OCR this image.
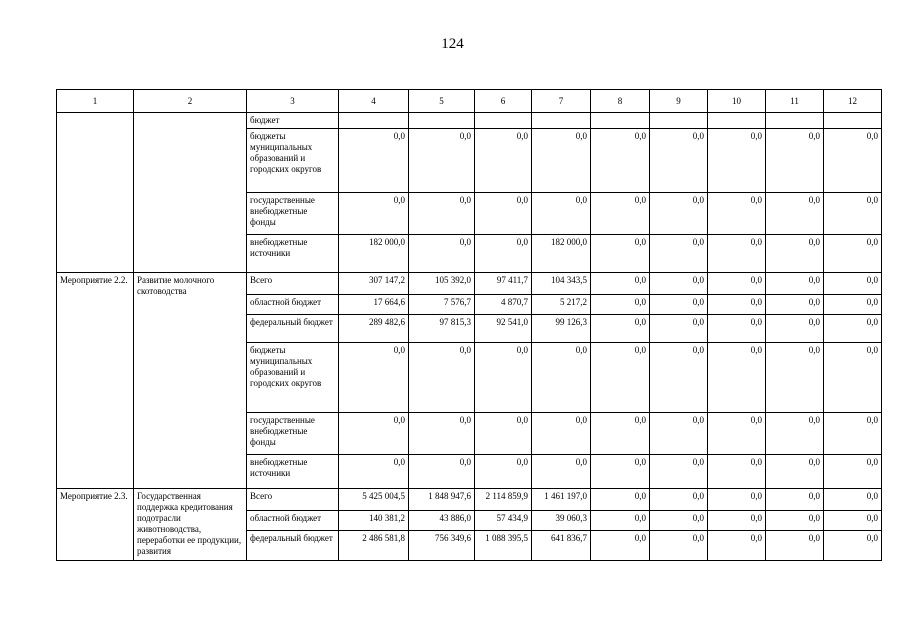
124
1	2	3	4	5	6	7	8	9	10	11	12
		бюджет									
		бюджеты муниципальных образований и городских округов	0,0	0,0	0,0	0,0	0,0	0,0	0,0	0,0	0,0
		государственные внебюджетные фонды	0,0	0,0	0,0	0,0	0,0	0,0	0,0	0,0	0,0
		внебюджетные источники	182 000,0	0,0	0,0	182 000,0	0,0	0,0	0,0	0,0	0,0
Мероприятие 2.2.	Развитие молочного скотоводства	Всего	307 147,2	105 392,0	97 411,7	104 343,5	0,0	0,0	0,0	0,0	0,0
		областной бюджет	17 664,6	7 576,7	4 870,7	5 217,2	0,0	0,0	0,0	0,0	0,0
		федеральный бюджет	289 482,6	97 815,3	92 541,0	99 126,3	0,0	0,0	0,0	0,0	0,0
		бюджеты муниципальных образований и городских округов	0,0	0,0	0,0	0,0	0,0	0,0	0,0	0,0	0,0
		государственные внебюджетные фонды	0,0	0,0	0,0	0,0	0,0	0,0	0,0	0,0	0,0
		внебюджетные источники	0,0	0,0	0,0	0,0	0,0	0,0	0,0	0,0	0,0
Мероприятие 2.3.	Государственная поддержка кредитования подотрасли животноводства, переработки ее продукции, развития	Всего	5 425 004,5	1 848 947,6	2 114 859,9	1 461 197,0	0,0	0,0	0,0	0,0	0,0
		областной бюджет	140 381,2	43 886,0	57 434,9	39 060,3	0,0	0,0	0,0	0,0	0,0
		федеральный бюджет	2 486 581,8	756 349,6	1 088 395,5	641 836,7	0,0	0,0	0,0	0,0	0,0
